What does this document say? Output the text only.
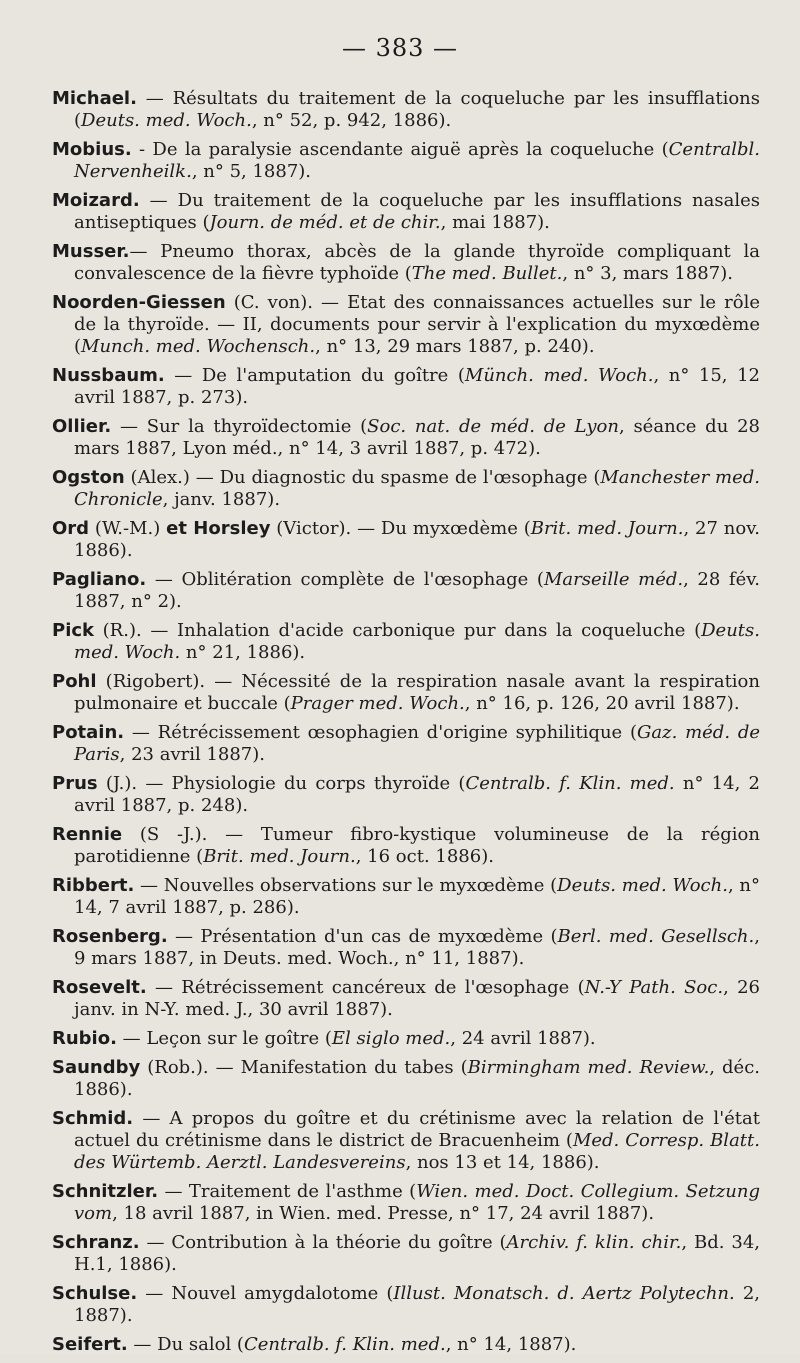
— 383 —
Michael. — Résultats du traitement de la coqueluche par les insufflations (Deuts. med. Woch., n° 52, p. 942, 1886).
Mobius. - De la paralysie ascendante aiguë après la coqueluche (Centralbl. Nervenheilk., n° 5, 1887).
Moizard. — Du traitement de la coqueluche par les insufflations nasales antiseptiques (Journ. de méd. et de chir., mai 1887).
Musser.— Pneumo thorax, abcès de la glande thyroïde compliquant la convalescence de la fièvre typhoïde (The med. Bullet., n° 3, mars 1887).
Noorden-Giessen (C. von). — Etat des connaissances actuelles sur le rôle de la thyroïde. — II, documents pour servir à l'explication du myxœdème (Munch. med. Wochensch., n° 13, 29 mars 1887, p. 240).
Nussbaum. — De l'amputation du goître (Münch. med. Woch., n° 15, 12 avril 1887, p. 273).
Ollier. — Sur la thyroïdectomie (Soc. nat. de méd. de Lyon, séance du 28 mars 1887, Lyon méd., n° 14, 3 avril 1887, p. 472).
Ogston (Alex.) — Du diagnostic du spasme de l'œsophage (Manchester med. Chronicle, janv. 1887).
Ord (W.-M.) et Horsley (Victor). — Du myxœdème (Brit. med. Journ., 27 nov. 1886).
Pagliano. — Oblitération complète de l'œsophage (Marseille méd., 28 fév. 1887, n° 2).
Pick (R.). — Inhalation d'acide carbonique pur dans la coqueluche (Deuts. med. Woch. n° 21, 1886).
Pohl (Rigobert). — Nécessité de la respiration nasale avant la respiration pulmonaire et buccale (Prager med. Woch., n° 16, p. 126, 20 avril 1887).
Potain. — Rétrécissement œsophagien d'origine syphilitique (Gaz. méd. de Paris, 23 avril 1887).
Prus (J.). — Physiologie du corps thyroïde (Centralb. f. Klin. med. n° 14, 2 avril 1887, p. 248).
Rennie (S -J.). — Tumeur fibro-kystique volumineuse de la région parotidienne (Brit. med. Journ., 16 oct. 1886).
Ribbert. — Nouvelles observations sur le myxœdème (Deuts. med. Woch., n° 14, 7 avril 1887, p. 286).
Rosenberg. — Présentation d'un cas de myxœdème (Berl. med. Gesellsch., 9 mars 1887, in Deuts. med. Woch., n° 11, 1887).
Rosevelt. — Rétrécissement cancéreux de l'œsophage (N.-Y Path. Soc., 26 janv. in N-Y. med. J., 30 avril 1887).
Rubio. — Leçon sur le goître (El siglo med., 24 avril 1887).
Saundby (Rob.). — Manifestation du tabes (Birmingham med. Review., déc. 1886).
Schmid. — A propos du goître et du crétinisme avec la relation de l'état actuel du crétinisme dans le district de Bracuenheim (Med. Corresp. Blatt. des Würtemb. Aerztl. Landesvereins, nos 13 et 14, 1886).
Schnitzler. — Traitement de l'asthme (Wien. med. Doct. Collegium. Setzung vom, 18 avril 1887, in Wien. med. Presse, n° 17, 24 avril 1887).
Schranz. — Contribution à la théorie du goître (Archiv. f. klin. chir., Bd. 34, H.1, 1886).
Schulse. — Nouvel amygdalotome (Illust. Monatsch. d. Aertz Polytechn. 2, 1887).
Seifert. — Du salol (Centralb. f. Klin. med., n° 14, 1887).
